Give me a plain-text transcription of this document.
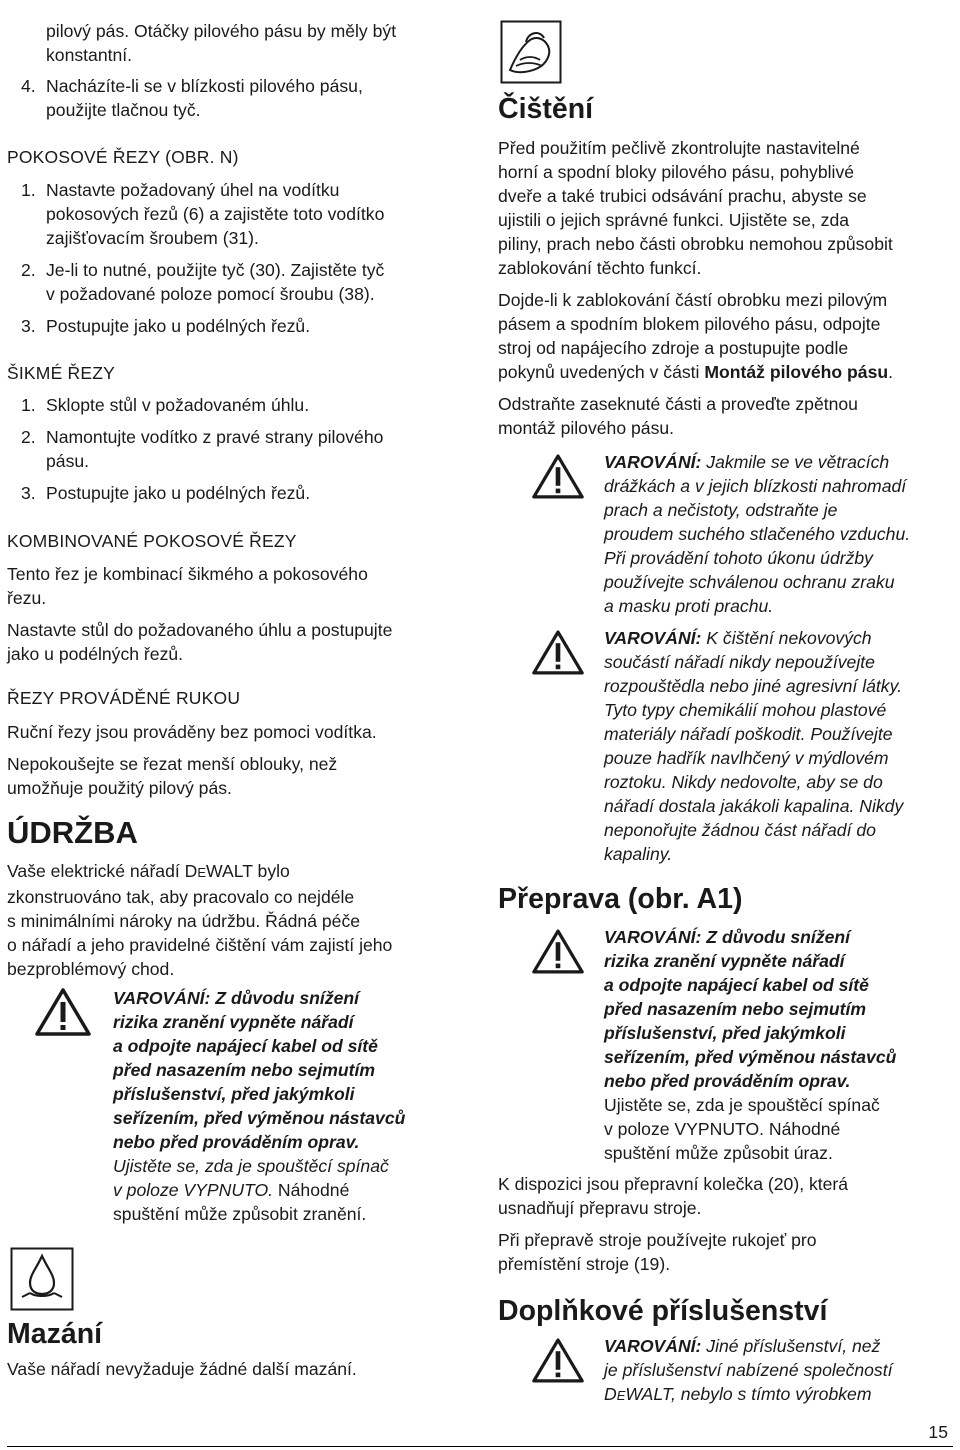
pilový pás. Otáčky pilového pásu by měly být
konstantní.
4. Nacházíte-li se v blízkosti pilového pásu,
použijte tlačnou tyč.
POKOSOVÉ ŘEZY (OBR. N)
1. Nastavte požadovaný úhel na vodítku
pokosových řezů (6) a zajistěte toto vodítko
zajišťovacím šroubem (31).
2. Je-li to nutné, použijte tyč (30). Zajistěte tyč
v požadované poloze pomocí šroubu (38).
3. Postupujte jako u podélných řezů.
ŠIKMÉ ŘEZY
1. Sklopte stůl v požadovaném úhlu.
2. Namontujte vodítko z pravé strany pilového
pásu.
3. Postupujte jako u podélných řezů.
KOMBINOVANÉ POKOSOVÉ ŘEZY

Tento řez je kombinací šikmého a pokosového
řezu.

Nastavte stůl do požadovaného úhlu a postupujte
jako u podélných řezů.

ŘEZY PROVÁDĚNÉ RUKOU

Ruční řezy jsou prováděny bez pomoci vodítka.

Nepokoušejte se řezat menší oblouky, než
umožňuje použitý pilový pás.

ÚDRŽBA

Vaše elektrické nářadí DEWALT bylo
zkonstruováno tak, aby pracovalo co nejdéle
s minimálními nároky na údržbu. Řádná péče
o nářadí a jeho pravidelné čištění vám zajistí jeho
bezproblémový chod.

VAROVÁNÍ: Z důvodu snížení
rizika zranění vypněte nářadí
a odpojte napájecí kabel od sítě
před nasazením nebo sejmutím
příslušenství, před jakýmkoli
seřízením, před výměnou nástavců
nebo před prováděním oprav.

Ujistěte se, zda je spouštěcí spínač
v poloze VYPNUTO. Náhodné
spuštění může způsobit zranění.

Mazání

Vaše nářadí nevyžaduje žádné další mazání.

Čištění

Před použitím pečlivě zkontrolujte nastavitelné
horní a spodní bloky pilového pásu, pohyblivé
dveře a také trubici odsávání prachu, abyste se
ujistili o jejich správné funkci. Ujistěte se, zda
piliny, prach nebo části obrobku nemohou způsobit
zablokování těchto funkcí.

Dojde-li k zablokování částí obrobku mezi pilovým
pásem a spodním blokem pilového pásu, odpojte
stroj od napájecího zdroje a postupujte podle
pokynů uvedených v části Montáž pilového pásu.

Odstraňte zaseknuté části a proveďte zpětnou
montáž pilového pásu.

VAROVÁNÍ: Jakmile se ve větracích
drážkách a v jejich blízkosti nahromadí
prach a nečistoty, odstraňte je
proudem suchého stlačeného vzduchu.
Při provádění tohoto úkonu údržby
používejte schválenou ochranu zraku
a masku proti prachu.

VAROVÁNÍ: K čištění nekovových
součástí nářadí nikdy nepoužívejte
rozpouštědla nebo jiné agresivní látky.
Tyto typy chemikálií mohou plastové
materiály nářadí poškodit. Používejte
pouze hadřík navlhčený v mýdlovém
roztoku. Nikdy nedovolte, aby se do
nářadí dostala jakákoli kapalina. Nikdy
neponořujte žádnou část nářadí do
kapaliny.

Přeprava (obr. A1)

VAROVÁNÍ: Z důvodu snížení
rizika zranění vypněte nářadí
a odpojte napájecí kabel od sítě
před nasazením nebo sejmutím
příslušenství, před jakýmkoli
seřízením, před výměnou nástavců
nebo před prováděním oprav.

Ujistěte se, zda je spouštěcí spínač
v poloze VYPNUTO. Náhodné
spuštění může způsobit úraz.

K dispozici jsou přepravní kolečka (20), která
usnadňují přepravu stroje.

Při přepravě stroje používejte rukojeť pro
přemístění stroje (19).

Doplňkové příslušenství

VAROVÁNÍ: Jiné příslušenství, než
je příslušenství nabízené společností
DEWALT, nebylo s tímto výrobkem

15
